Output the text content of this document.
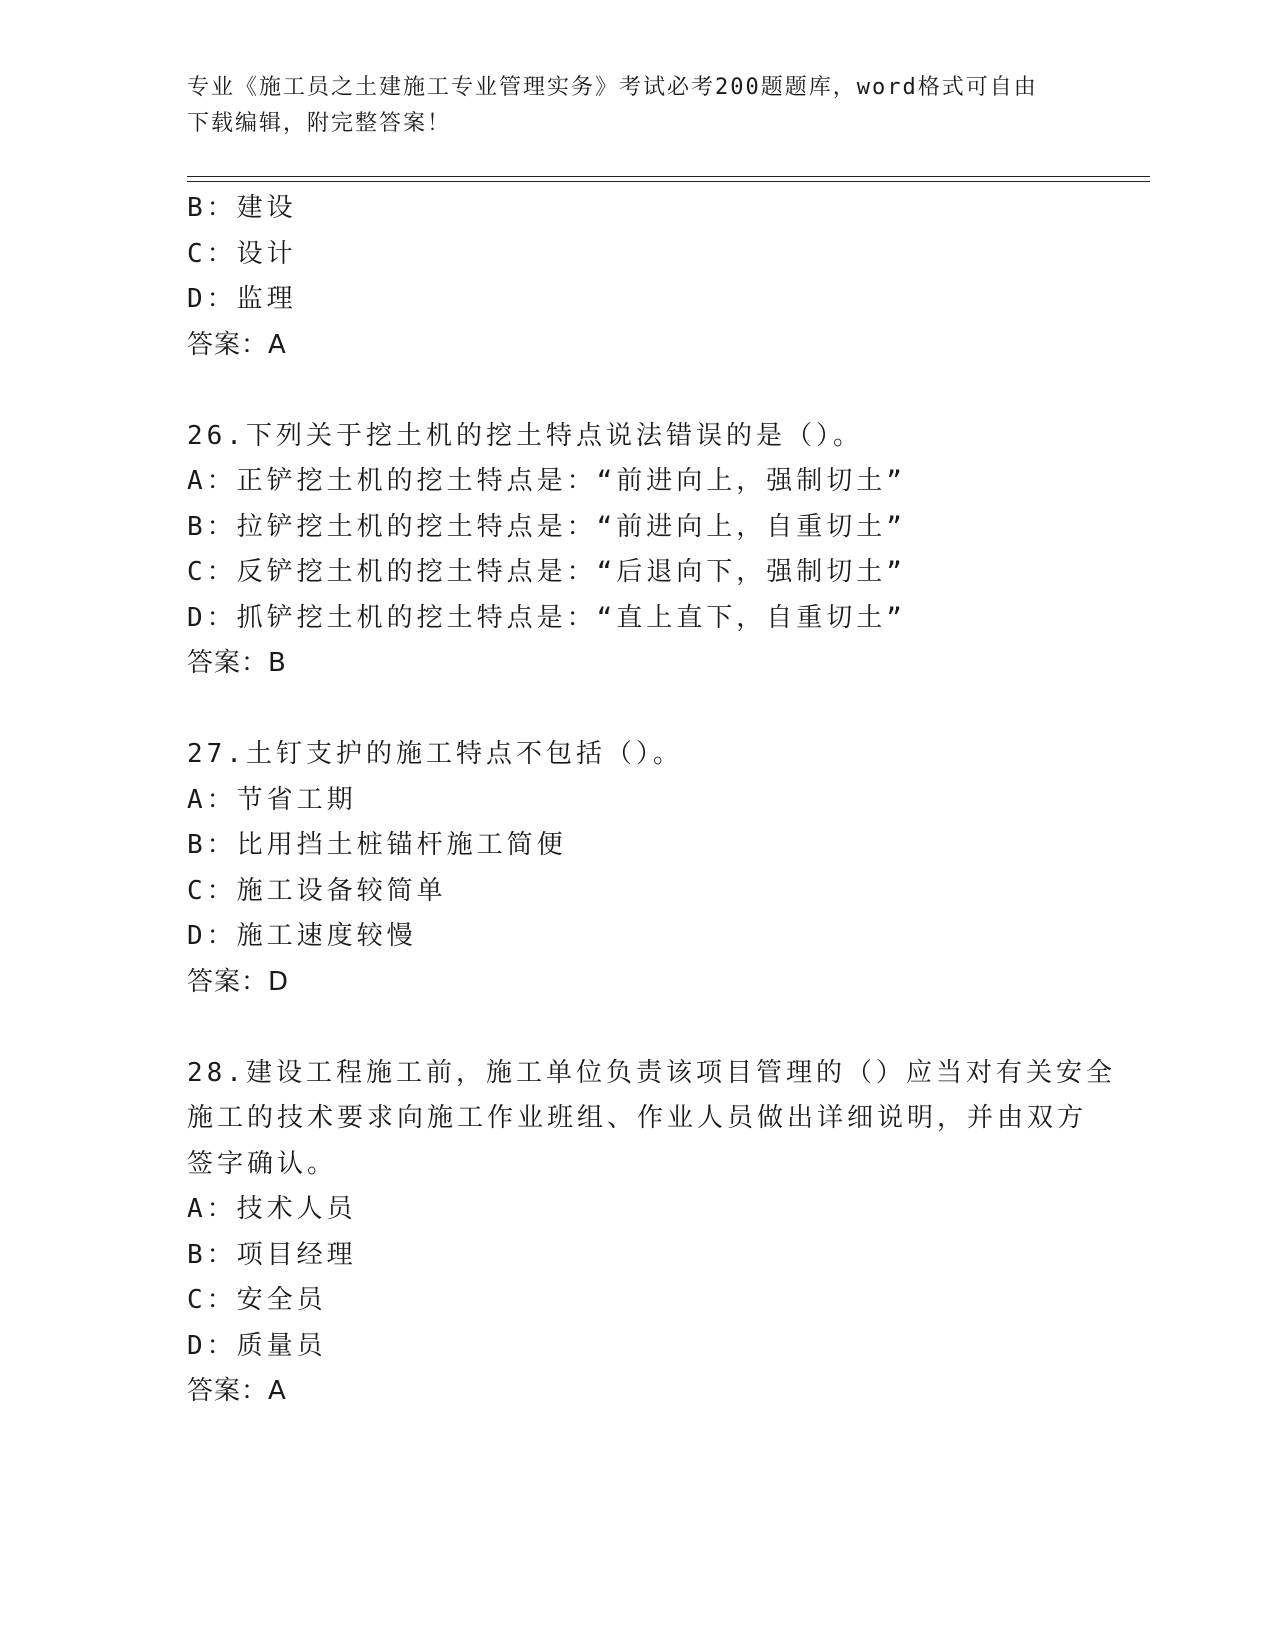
专业《施工员之土建施工专业管理实务》考试必考200题题库，word格式可自由
下载编辑，附完整答案！
B：建设
C：设计
D：监理
答案：A
26.下列关于挖土机的挖土特点说法错误的是（）。
A：正铲挖土机的挖土特点是：“前进向上，强制切土”
B：拉铲挖土机的挖土特点是：“前进向上，自重切土”
C：反铲挖土机的挖土特点是：“后退向下，强制切土”
D：抓铲挖土机的挖土特点是：“直上直下，自重切土”
答案：B
27.土钉支护的施工特点不包括（）。
A：节省工期
B：比用挡土桩锚杆施工简便
C：施工设备较简单
D：施工速度较慢
答案：D
28.建设工程施工前，施工单位负责该项目管理的（）应当对有关安全
施工的技术要求向施工作业班组、作业人员做出详细说明，并由双方
签字确认。
A：技术人员
B：项目经理
C：安全员
D：质量员
答案：A
